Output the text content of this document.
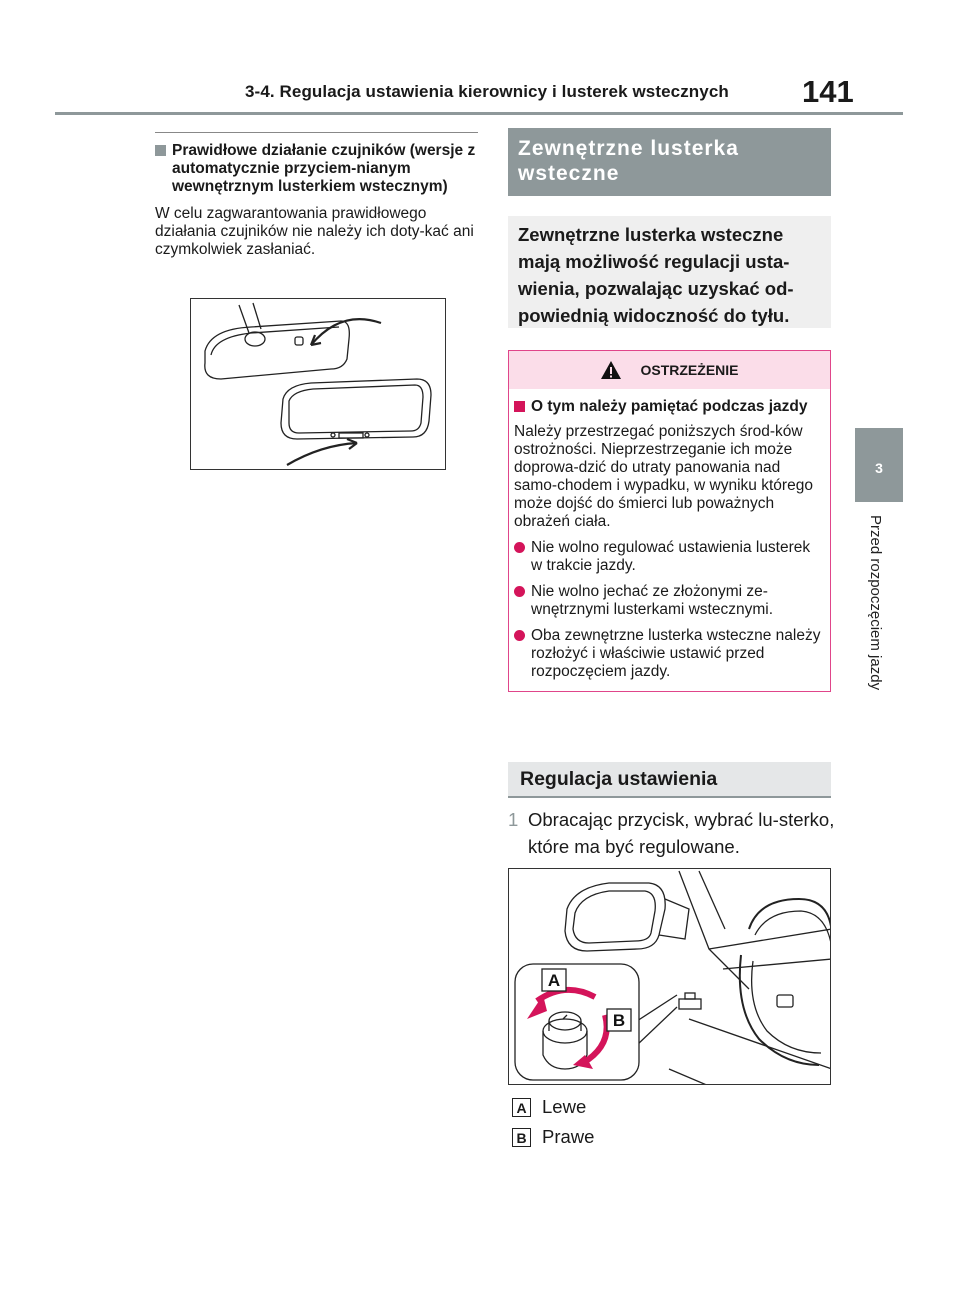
3-4. Regulacja ustawienia kierownicy i lusterek wstecznych 141
3
Przed rozpoczęciem jazdy
Prawidłowe działanie czujników (wersje z automatycznie przyciem-nianym wewnętrznym lusterkiem wstecznym)
W celu zagwarantowania prawidłowego działania czujników nie należy ich doty-kać ani czymkolwiek zasłaniać.
Zewnętrzne lusterka wsteczne
Zewnętrzne lusterka wsteczne mają możliwość regulacji usta-wienia, pozwalając uzyskać od-powiednią widoczność do tyłu.
OSTRZEŻENIE
O tym należy pamiętać podczas jazdy
Należy przestrzegać poniższych środ-ków ostrożności. Nieprzestrzeganie ich może doprowa-dzić do utraty panowania nad samo-chodem i wypadku, w wyniku którego może dojść do śmierci lub poważnych obrażeń ciała.
Nie wolno regulować ustawienia lusterek w trakcie jazdy.
Nie wolno jechać ze złożonymi ze-wnętrznymi lusterkami wstecznymi.
Oba zewnętrzne lusterka wsteczne należy rozłożyć i właściwie ustawić przed rozpoczęciem jazdy.
Regulacja ustawienia
1 Obracając przycisk, wybrać lu-sterko, które ma być regulowane.
A
B
A Lewe
B Prawe
